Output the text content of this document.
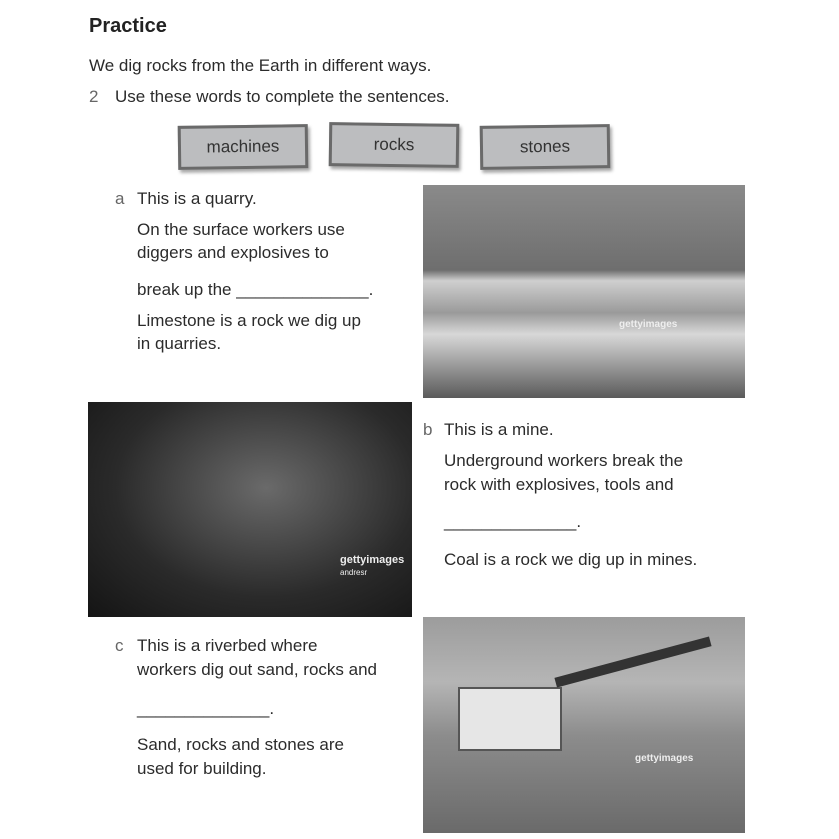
Practice
We dig rocks from the Earth in different ways.
2 Use these words to complete the sentences.
machines	rocks	stones
a This is a quarry.
On the surface workers use
diggers and explosives to
break up the ______________.
Limestone is a rock we dig up
in quarries.
gettyimages
gettyimages
andresr
b This is a mine.
Underground workers break the
rock with explosives, tools and
______________.
Coal is a rock we dig up in mines.
c This is a riverbed where
workers dig out sand, rocks and
______________.
Sand, rocks and stones are
used for building.
gettyimages
